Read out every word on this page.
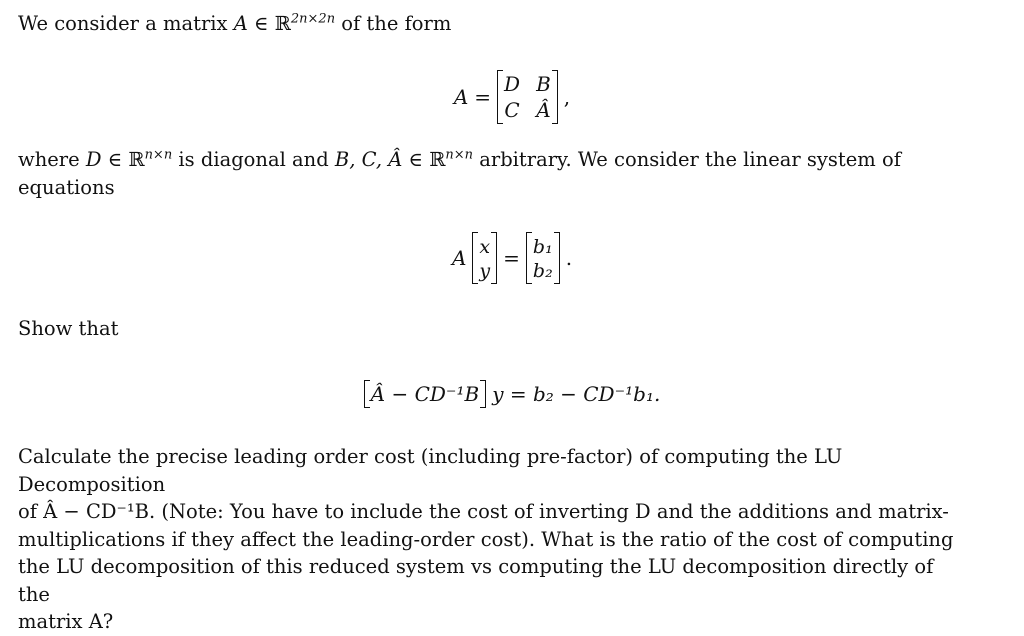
We consider a matrix A ∈ ℝ$^{2n\times 2n}$ of the form

A =
D B
C Â
,

where D ∈ ℝ$^{n\times n}$ is diagonal and B, C, Â ∈ ℝ$^{n\times n}$ arbitrary. We consider the linear system of
equations

A x
y
= b₁
b₂
.

Show that

Â − CD⁻¹B y = b₂ − CD⁻¹b₁.

Calculate the precise leading order cost (including pre-factor) of computing the LU Decomposition
of Â − CD⁻¹B. (Note: You have to include the cost of inverting D and the additions and matrix-
multiplications if they affect the leading-order cost). What is the ratio of the cost of computing
the LU decomposition of this reduced system vs computing the LU decomposition directly of the
matrix A?
